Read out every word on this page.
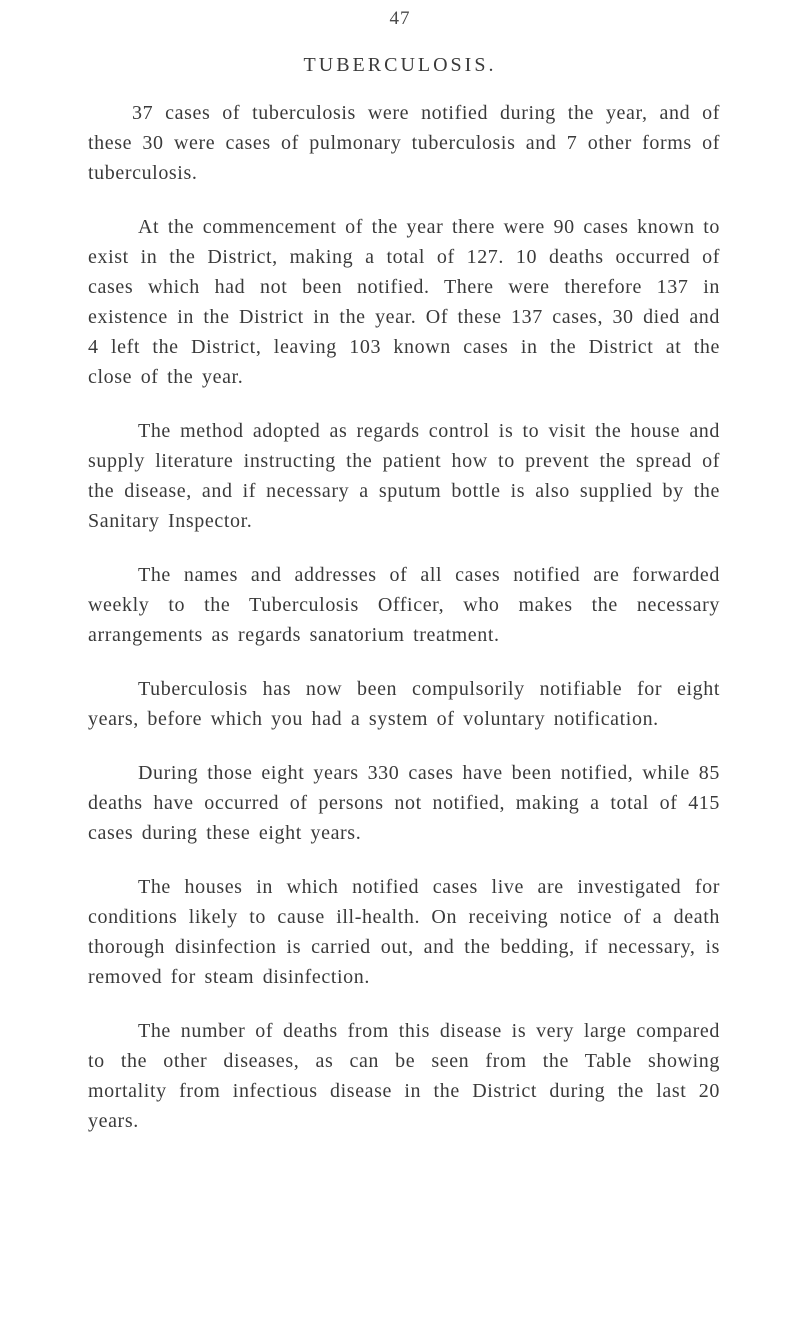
47
TUBERCULOSIS.

37 cases of tuberculosis were notified during the year, and of these 30 were cases of pulmonary tuberculosis and 7 other forms of tuberculosis.

At the commencement of the year there were 90 cases known to exist in the District, making a total of 127. 10 deaths occurred of cases which had not been notified. There were therefore 137 in existence in the District in the year. Of these 137 cases, 30 died and 4 left the District, leaving 103 known cases in the District at the close of the year.

The method adopted as regards control is to visit the house and supply literature instructing the patient how to prevent the spread of the disease, and if necessary a sputum bottle is also supplied by the Sanitary Inspector.

The names and addresses of all cases notified are forwarded weekly to the Tuberculosis Officer, who makes the necessary arrangements as regards sanatorium treatment.

Tuberculosis has now been compulsorily notifiable for eight years, before which you had a system of voluntary notification.

During those eight years 330 cases have been notified, while 85 deaths have occurred of persons not notified, making a total of 415 cases during these eight years.

The houses in which notified cases live are investigated for conditions likely to cause ill-health. On receiving notice of a death thorough disinfection is carried out, and the bedding, if necessary, is removed for steam disinfection.

The number of deaths from this disease is very large compared to the other diseases, as can be seen from the Table showing mortality from infectious disease in the District during the last 20 years.
